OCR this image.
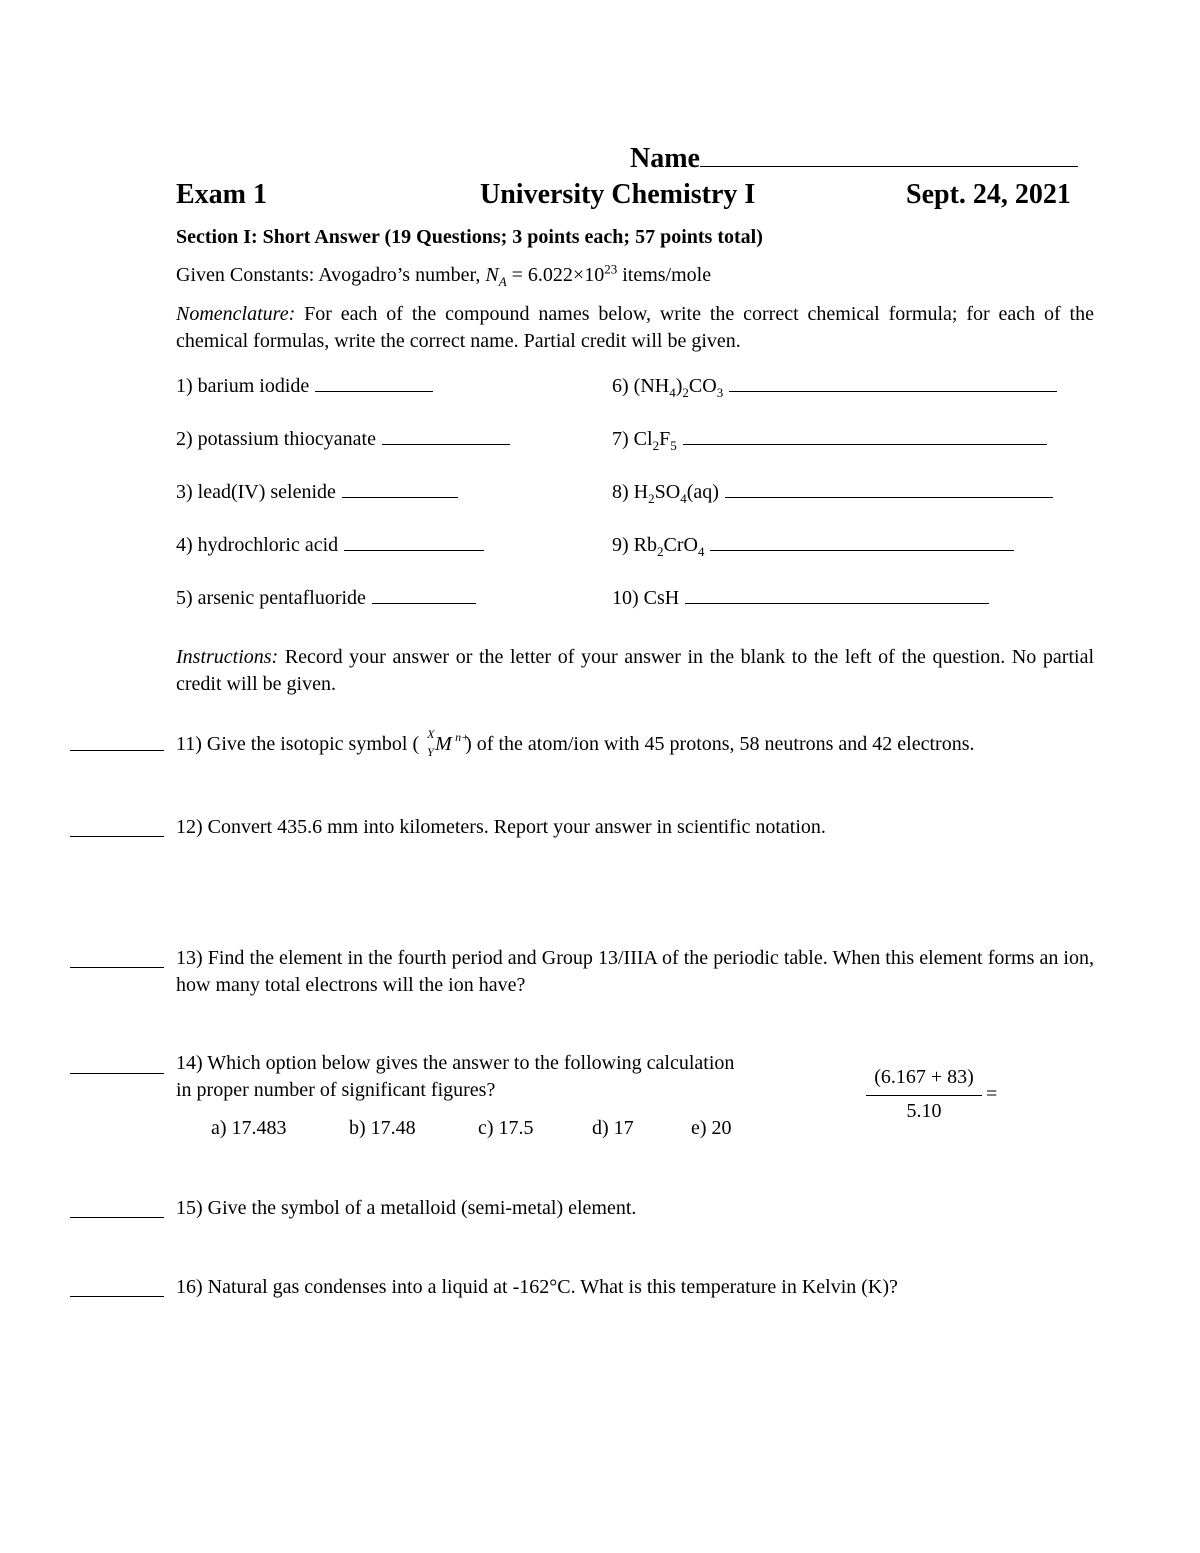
Name
Exam 1	University Chemistry I	Sept. 24, 2021
Section I: Short Answer (19 Questions; 3 points each; 57 points total)
Given Constants: Avogadro’s number, $N_A = 6.022\times 10^{23}$ items/mole
Nomenclature: For each of the compound names below, write the correct chemical formula; for each of the chemical formulas, write the correct name. Partial credit will be given.
1) barium iodide
2) potassium thiocyanate
3) lead(IV) selenide
4) hydrochloric acid
5) arsenic pentafluoride
6) $(NH_4)_2CO_3$
7) $Cl_2F_5$
8) $H_2SO_4(aq)$
9) $Rb_2CrO_4$
10) CsH
Instructions: Record your answer or the letter of your answer in the blank to the left of the question. No partial credit will be given.
11) Give the isotopic symbol ( X
Y M n+
) of the atom/ion with 45 protons, 58 neutrons and 42 electrons.
12) Convert 435.6 mm into kilometers. Report your answer in scientific notation.
13) Find the element in the fourth period and Group 13/IIIA of the periodic table. When this element forms an ion, how many total electrons will the ion have?
14) Which option below gives the answer to the following calculation
in proper number of significant figures?
a) 17.483	b) 17.48	c) 17.5	d) 17	e) 20
(6.167 + 83)
5.10
=
15) Give the symbol of a metalloid (semi-metal) element.
16) Natural gas condenses into a liquid at -162°C. What is this temperature in Kelvin (K)?
